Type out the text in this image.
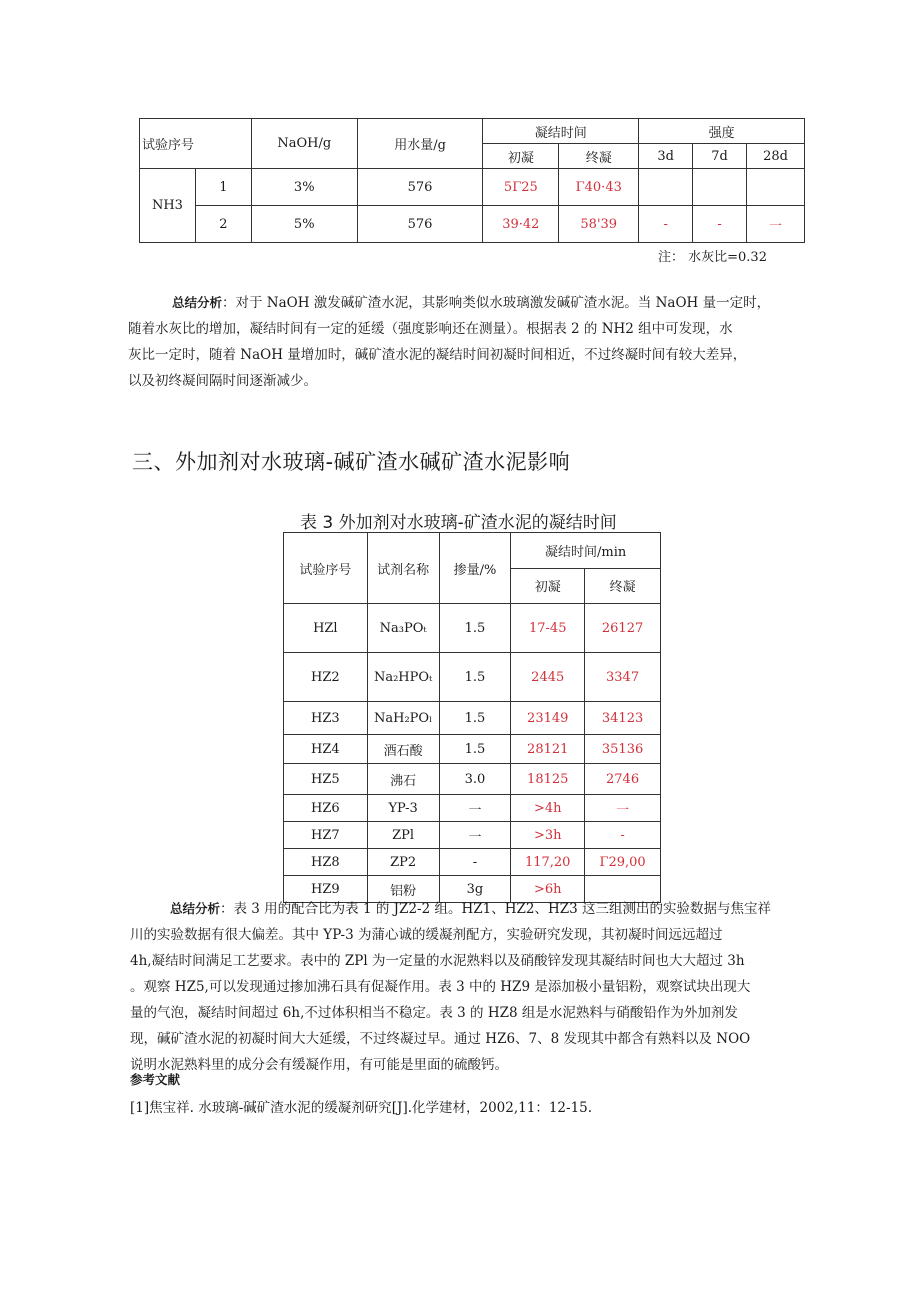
试验序号		NaOH/g	用水量/g	凝结时间		强度		
				初凝	终凝	3d	7d	28d
NH3	1	3%	576	5Γ25	Γ40·43			
	2	5%	576	39·42	58'39	-	-	一
注： 水灰比=0.32
总结分析：对于 NaOH 激发碱矿渣水泥，其影响类似水玻璃激发碱矿渣水泥。当 NaOH 量一定时，
随着水灰比的增加，凝结时间有一定的延缓（强度影响还在测量）。根据表 2 的 NH2 组中可发现，水
灰比一定时，随着 NaOH 量增加时，碱矿渣水泥的凝结时间初凝时间相近，不过终凝时间有较大差异，
以及初终凝间隔时间逐渐减少。
三、外加剂对水玻璃-碱矿渣水碱矿渣水泥影响
表 3 外加剂对水玻璃-矿渣水泥的凝结时间
试验序号	试剂名称	掺量/%	凝结时间/min	
			初凝	终凝
HZl	Na₃POₜ	1.5	17-45	26127
HZ2	Na₂HPOₜ	1.5	2445	3347
HZ3	NaH₂POₗ	1.5	23149	34123
HZ4	酒石酸	1.5	28121	35136
HZ5	沸石	3.0	18125	2746
HZ6	YP-3	一	>4h	一
HZ7	ZPl	一	>3h	-
HZ8	ZP2	-	117,20	Γ29,00
HZ9	铝粉	3g	>6h	
总结分析：表 3 用的配合比为表 1 的 JZ2-2 组。HZ1、HZ2、HZ3 这三组测出的实验数据与焦宝祥
川的实验数据有很大偏差。其中 YP-3 为蒲心诚的缓凝剂配方，实验研究发现，其初凝时间远远超过
4h,凝结时间满足工艺要求。表中的 ZPl 为一定量的水泥熟料以及硝酸锌发现其凝结时间也大大超过 3h
。观察 HZ5,可以发现通过掺加沸石具有促凝作用。表 3 中的 HZ9 是添加极小量铝粉，观察试块出现大
量的气泡，凝结时间超过 6h,不过体积相当不稳定。表 3 的 HZ8 组是水泥熟料与硝酸铅作为外加剂发
现，碱矿渣水泥的初凝时间大大延缓，不过终凝过早。通过 HZ6、7、8 发现其中都含有熟料以及 NOO
说明水泥熟料里的成分会有缓凝作用，有可能是里面的硫酸钙。
参考文献
[1]焦宝祥. 水玻璃-碱矿渣水泥的缓凝剂研究[J].化学建材，2002,11：12-15.
